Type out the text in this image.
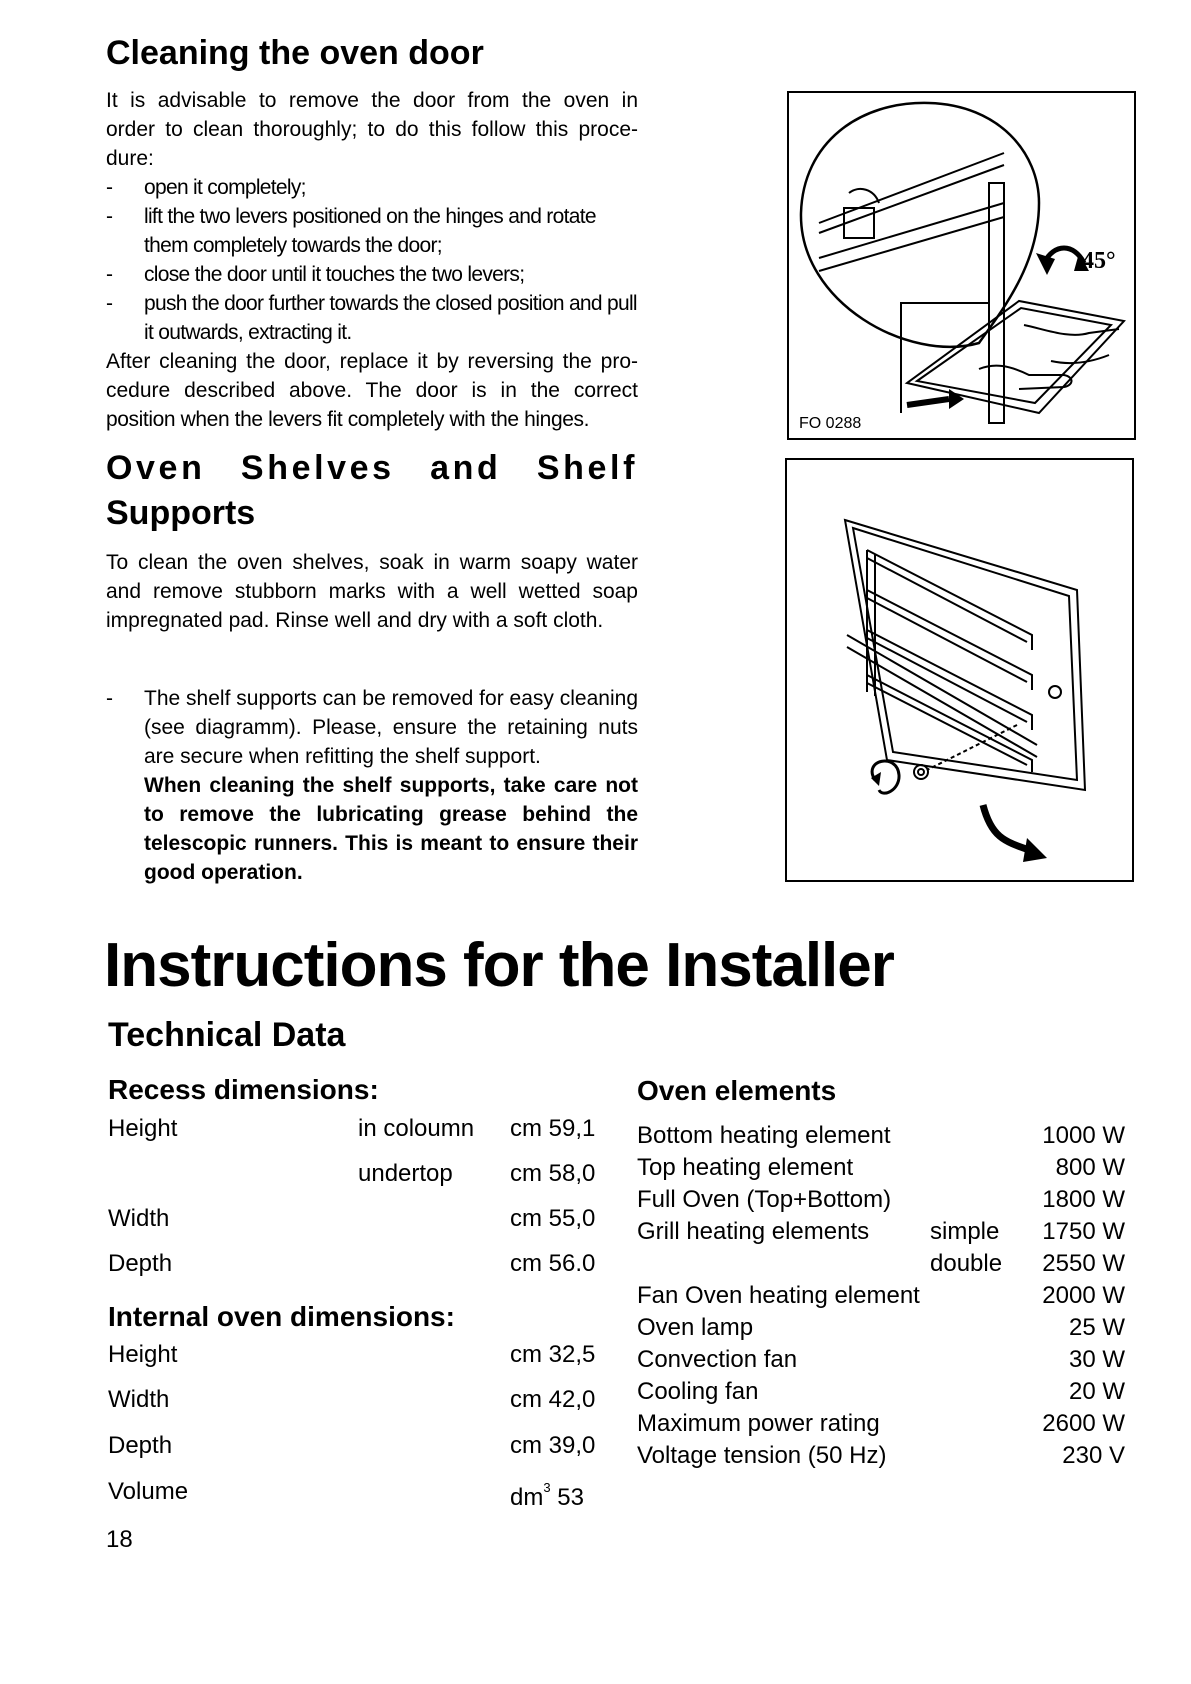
Cleaning the oven door
It is advisable to remove the door from the oven in
order to clean thoroughly; to do this follow this proce-
dure:
- open it completely;
- lift the two levers positioned on the hinges and rotate them completely towards the door;
- close the door until it touches the two levers;
- push the door further towards the closed position and pull it outwards, extracting it.
After cleaning the door, replace it by reversing the pro-
cedure described above. The door is in the correct
position when the levers fit completely with the hinges.
45°
FO 0288
Oven Shelves and Shelf
Supports
To clean the oven shelves, soak in warm soapy water and remove stubborn marks with a well wetted soap impregnated pad. Rinse well and dry with a soft cloth.
- The shelf supports can be removed for easy cleaning (see diagramm). Please, ensure the retaining nuts are secure when refitting the shelf support.
When cleaning the shelf supports, take care not to remove the lubricating grease behind the telescopic runners. This is meant to ensure their good operation.
Instructions for the Installer
Technical Data
Recess dimensions:
Height	in coloumn cm 59,1
undertop cm 58,0
Width	cm 55,0
Depth	cm 56.0
Internal oven dimensions:
Height	cm 32,5
Width	cm 42,0
Depth	cm 39,0
Volume	$dm^3$ 53
Oven elements
Bottom heating element	1000 W
Top heating element	800 W
Full Oven (Top+Bottom)	1800 W
Grill heating elements	simple 1750 W
double 2550 W
Fan Oven heating element	2000 W
Oven lamp	25 W
Convection fan	30 W
Cooling fan	20 W
Maximum power rating	2600 W
Voltage tension (50 Hz)	230 V
18
